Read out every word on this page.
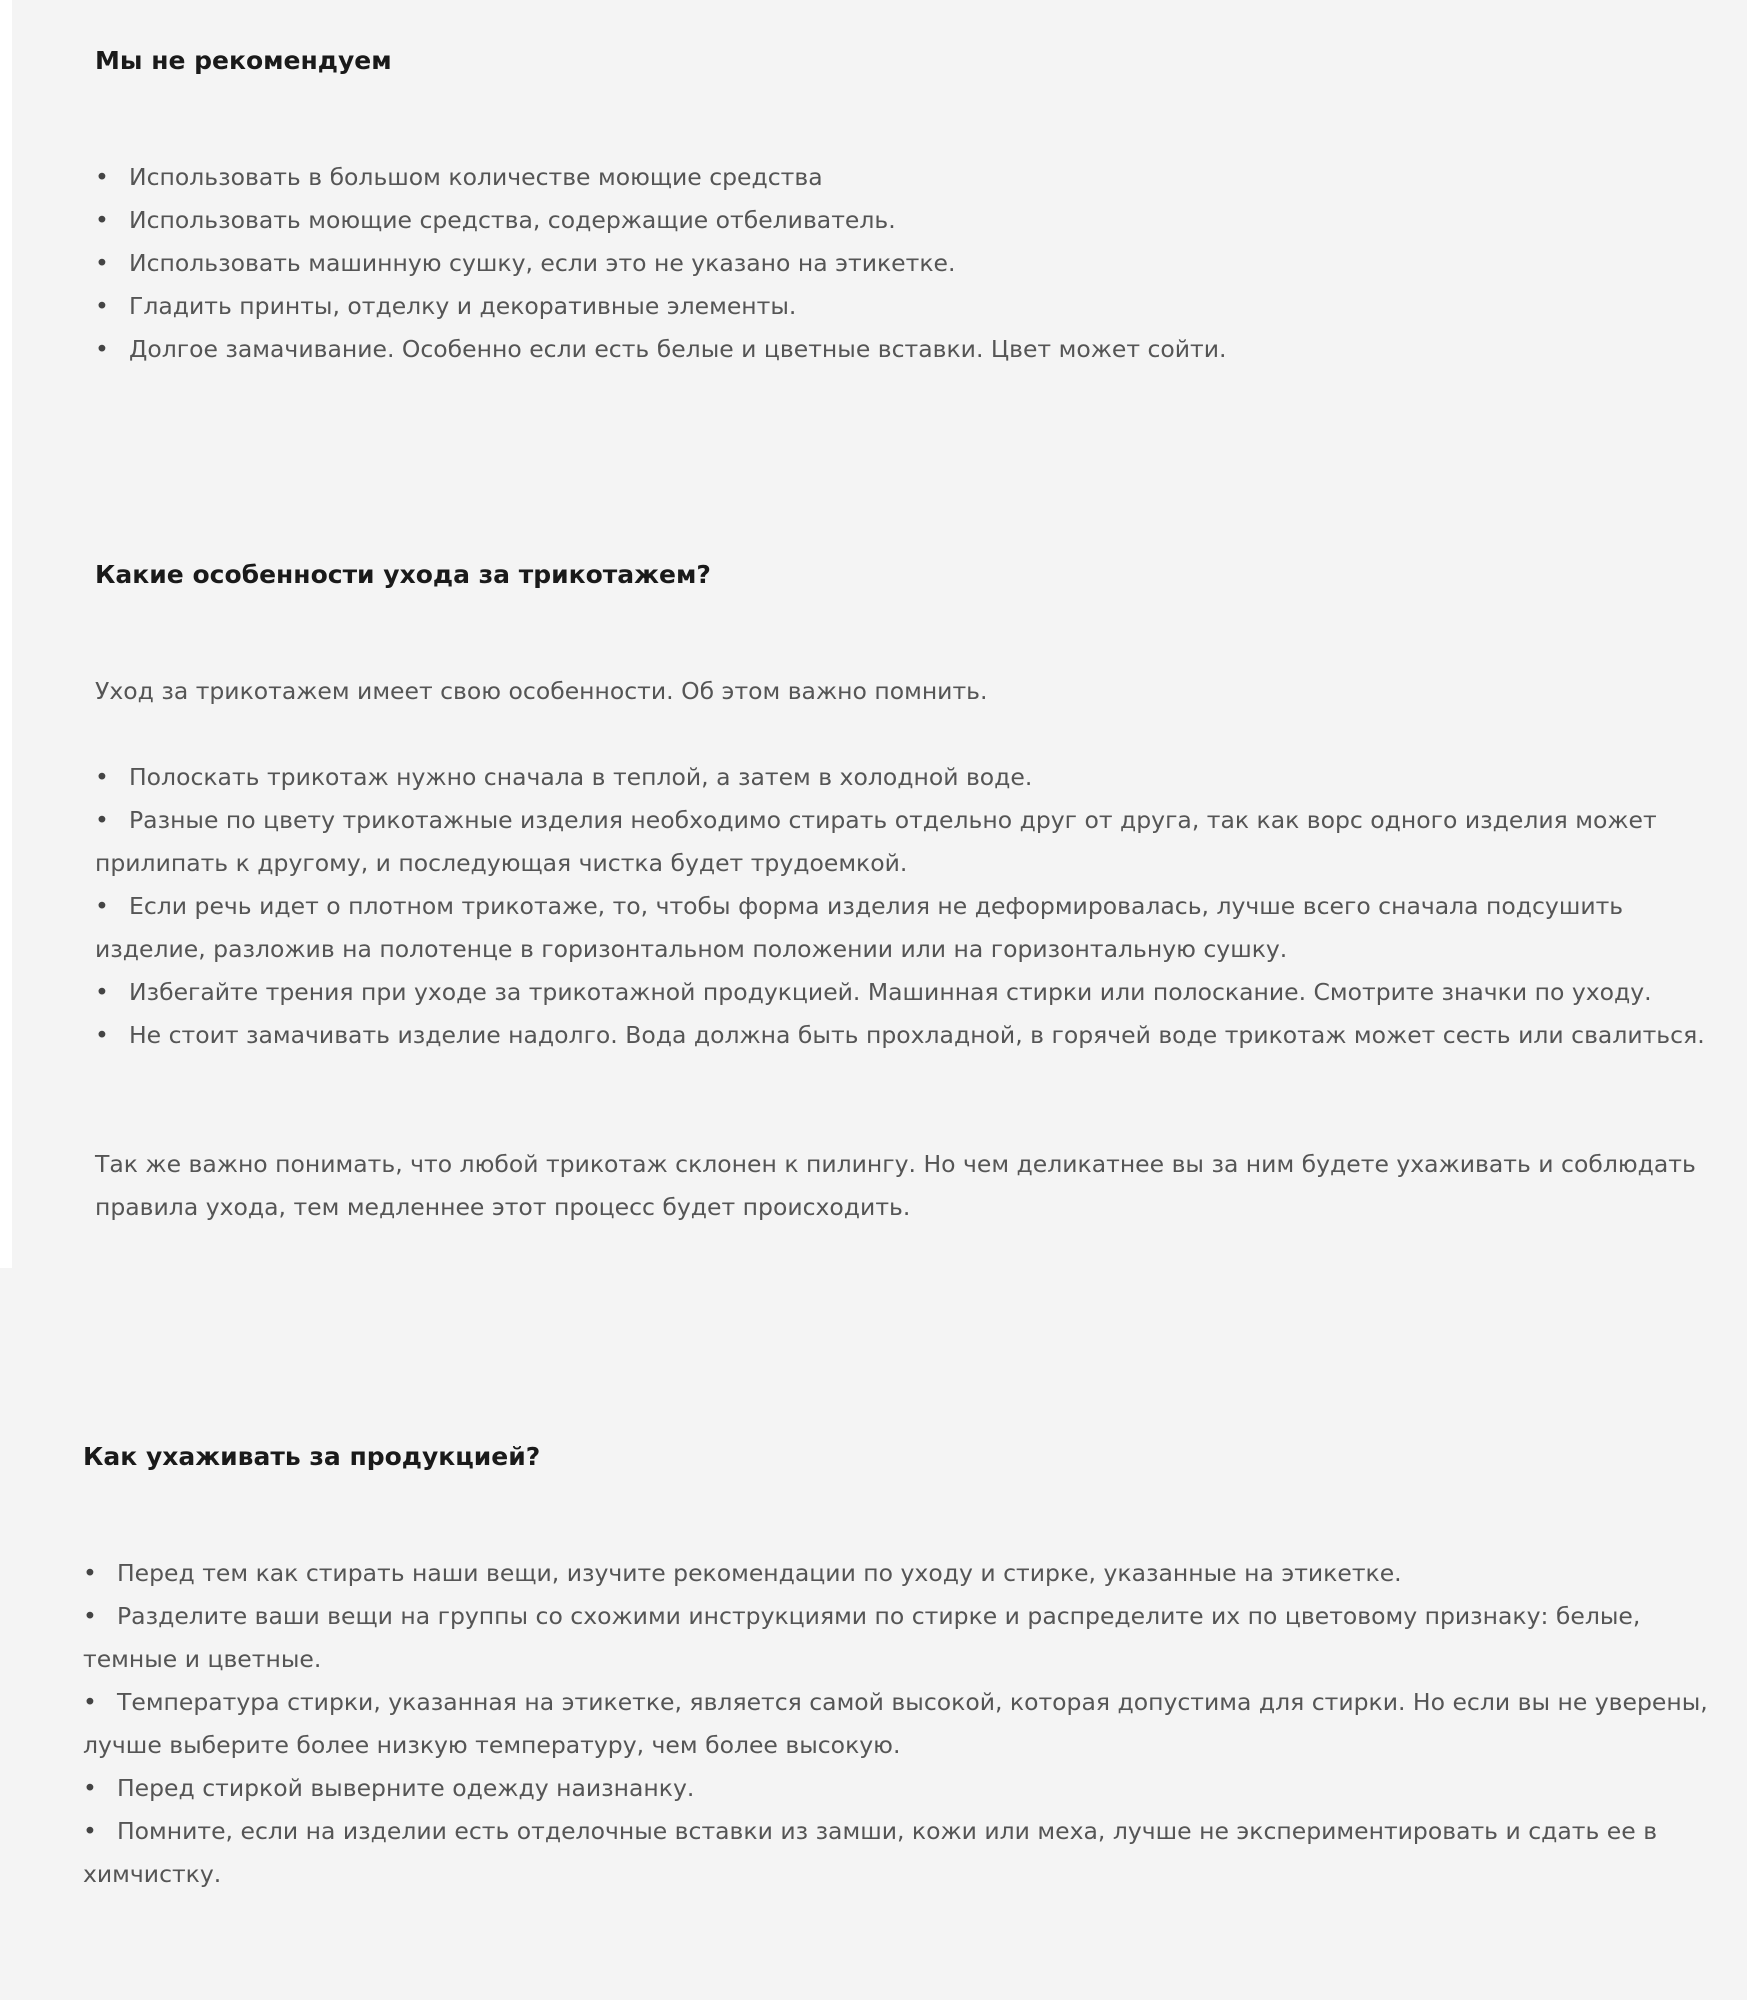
Мы не рекомендуем
• Использовать в большом количестве моющие средства
• Использовать моющие средства, содержащие отбеливатель.
• Использовать машинную сушку, если это не указано на этикетке.
• Гладить принты, отделку и декоративные элементы.
• Долгое замачивание. Особенно если есть белые и цветные вставки. Цвет может сойти.
Какие особенности ухода за трикотажем?

Уход за трикотажем имеет свою особенности. Об этом важно помнить.

• Полоскать трикотаж нужно сначала в теплой, а затем в холодной воде.
• Разные по цвету трикотажные изделия необходимо стирать отдельно друг от друга, так как ворс одного изделия может прилипать к другому, и последующая чистка будет трудоемкой.
• Если речь идет о плотном трикотаже, то, чтобы форма изделия не деформировалась, лучше всего сначала подсушить изделие, разложив на полотенце в горизонтальном положении или на горизонтальную сушку.
• Избегайте трения при уходе за трикотажной продукцией. Машинная стирки или полоскание. Смотрите значки по уходу.
• Не стоит замачивать изделие надолго. Вода должна быть прохладной, в горячей воде трикотаж может сесть или свалиться.

Так же важно понимать, что любой трикотаж склонен к пилингу. Но чем деликатнее вы за ним будете ухаживать и соблюдать правила ухода, тем медленнее этот процесс будет происходить.

Как ухаживать за продукцией?
• Перед тем как стирать наши вещи, изучите рекомендации по уходу и стирке, указанные на этикетке.
• Разделите ваши вещи на группы со схожими инструкциями по стирке и распределите их по цветовому признаку: белые, темные и цветные.
• Температура стирки, указанная на этикетке, является самой высокой, которая допустима для стирки. Но если вы не уверены, лучше выберите более низкую температуру, чем более высокую.
• Перед стиркой выверните одежду наизнанку.
• Помните, если на изделии есть отделочные вставки из замши, кожи или меха, лучше не экспериментировать и сдать ее в химчистку.
